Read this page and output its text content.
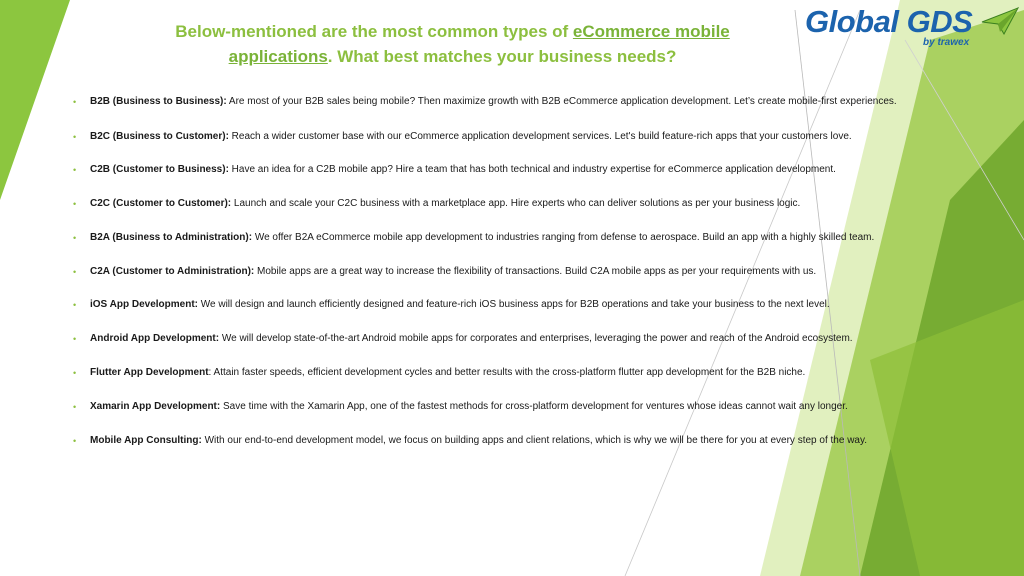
Below-mentioned are the most common types of eCommerce mobile applications. What best matches your business needs?
Global GDS
by trawex
• B2B (Business to Business): Are most of your B2B sales being mobile? Then maximize growth with B2B eCommerce application development. Let’s create mobile-first experiences.
• B2C (Business to Customer): Reach a wider customer base with our eCommerce application development services. Let's build feature-rich apps that your customers love.
• C2B (Customer to Business): Have an idea for a C2B mobile app? Hire a team that has both technical and industry expertise for eCommerce application development.
• C2C (Customer to Customer): Launch and scale your C2C business with a marketplace app. Hire experts who can deliver solutions as per your business logic.
• B2A (Business to Administration): We offer B2A eCommerce mobile app development to industries ranging from defense to aerospace. Build an app with a highly skilled team.
• C2A (Customer to Administration): Mobile apps are a great way to increase the flexibility of transactions. Build C2A mobile apps as per your requirements with us.
• iOS App Development: We will design and launch efficiently designed and feature-rich iOS business apps for B2B operations and take your business to the next level.
• Android App Development: We will develop state-of-the-art Android mobile apps for corporates and enterprises, leveraging the power and reach of the Android ecosystem.
• Flutter App Development: Attain faster speeds, efficient development cycles and better results with the cross-platform flutter app development for the B2B niche.
• Xamarin App Development: Save time with the Xamarin App, one of the fastest methods for cross-platform development for ventures whose ideas cannot wait any longer.
• Mobile App Consulting: With our end-to-end development model, we focus on building apps and client relations, which is why we will be there for you at every step of the way.
